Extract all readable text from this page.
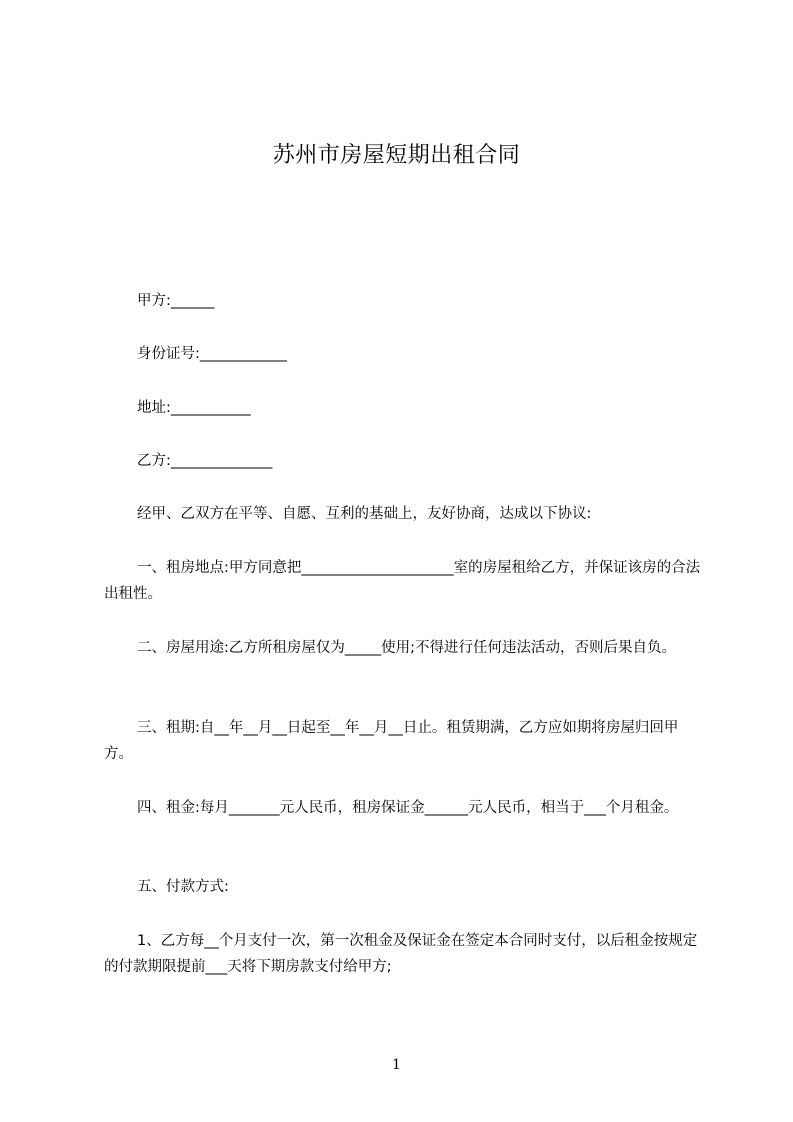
苏州市房屋短期出租合同
甲方:______
身份证号:____________
地址:___________
乙方:______________
经甲、乙双方在平等、自愿、互利的基础上，友好协商，达成以下协议:
一、租房地点:甲方同意把_____________________室的房屋租给乙方，并保证该房的合法出租性。
二、房屋用途:乙方所租房屋仅为_____使用;不得进行任何违法活动，否则后果自负。
三、租期:自__年__月__日起至__年__月__日止。租赁期满，乙方应如期将房屋归回甲方。
四、租金:每月_______元人民币，租房保证金______元人民币，相当于___个月租金。
五、付款方式:
1、乙方每__个月支付一次，第一次租金及保证金在签定本合同时支付，以后租金按规定的付款期限提前___天将下期房款支付给甲方;
1
